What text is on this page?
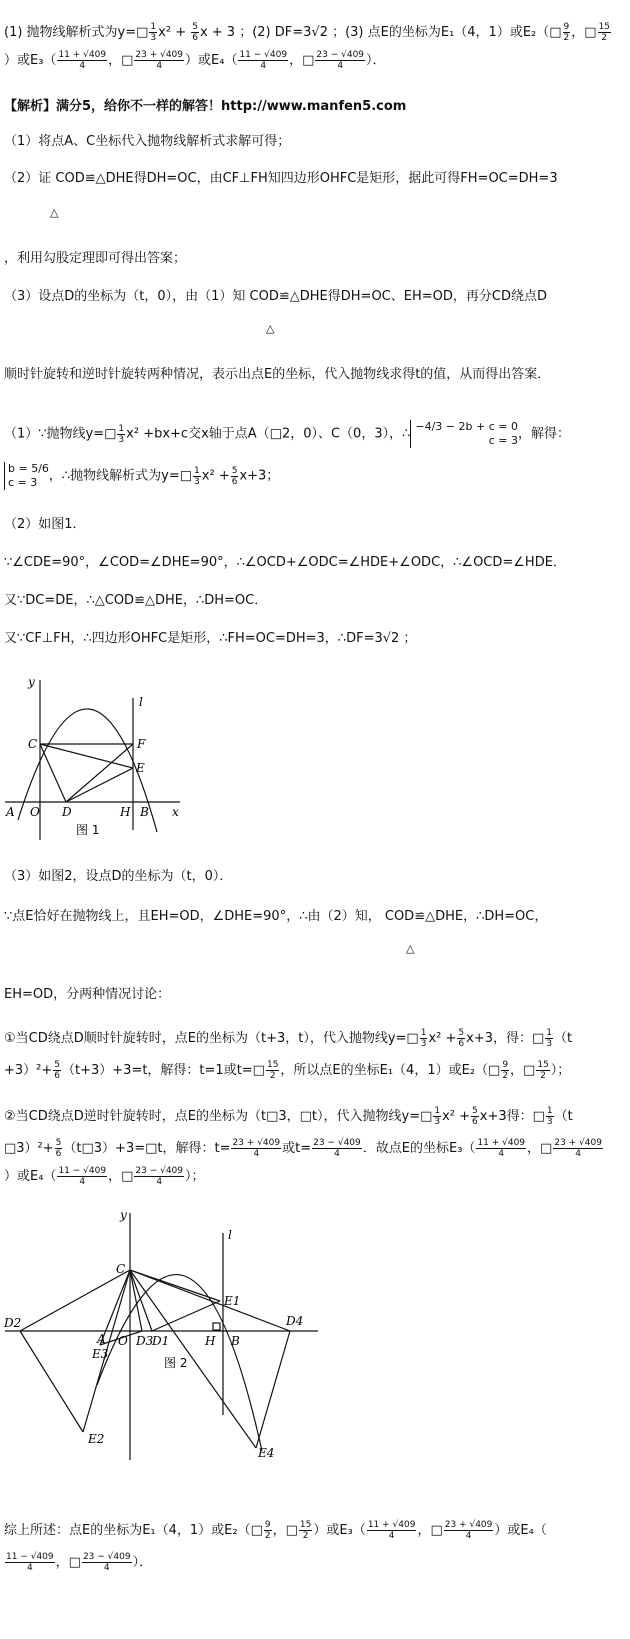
(1) 抛物线解析式为y=□ $\frac{1}{3} x^2 + \frac{5}{6}$ x + 3 ；(2) DF=3√2 ；(3) 点E的坐标为E₁（4，1）或E₂（□ $\frac{9}{2}$ ，□ $\frac{15}{2}$
）或$E_3( \frac{11 + √409}{4}$ ，□ $\frac{23 + √409}{4}$ ）或$E_4( \frac{11 - √409}{4}$ ，□ $\frac{23 - √409}{4}$ ）．
【解析】满分5，给你不一样的解答！http://www.manfen5.com
（1）将点A、C坐标代入抛物线解析式求解可得；
（2）证 COD≌△DHE得DH=OC，由CF⊥FH知四边形OHFC是矩形，据此可得FH=OC=DH=3
△
，利用勾股定理即可得出答案；
（3）设点D的坐标为（t，0），由（1）知 COD≌△DHE得DH=OC、EH=OD，再分CD绕点D
△
顺时针旋转和逆时针旋转两种情况，表示出点E的坐标，代入抛物线求得t的值，从而得出答案．
（1）∵抛物线y=□ $\frac{1}{3} x^2 +bx+c$交x轴于点A（□2，0）、C（0，3），∴ −4/3 − 2b + c = 0
c = 3 ，解得：
b = 5/6
c = 3 ，∴抛物线解析式为y=□ $\frac{1}{3} x^2 + \frac{5}{6} x+3$；
（2）如图1．
∵∠CDE=90°，∠COD=∠DHE=90°，∴∠OCD+∠ODC=∠HDE+∠ODC，∴∠OCD=∠HDE．
又∵DC=DE，∴△COD≌△DHE，∴DH=OC．
又∵CF⊥FH，∴四边形OHFC是矩形，∴FH=OC=DH=3，∴DF=3√2 ；
y
l
C	F
E
A O D	H B x
图 1
（3）如图2，设点D的坐标为（t，0）．
∵点E恰好在抛物线上，且EH=OD，∠DHE=90°，∴由（2）知， COD≌△DHE，∴DH=OC，
△
EH=OD，分两种情况讨论：
①当CD绕点D顺时针旋转时，点E的坐标为（t+3，t），代入抛物线y=□ $\frac{1}{3} x^2 + \frac{5}{6} x+3$，得：□ $\frac{1}{3} (t$
$+3)^2+ \frac{5}{6} (t+3)+3=t$，解得：t=1或t=□ $\frac{15}{2}$ ，所以点E的坐标E₁（4，1）或E₂（□ $\frac{9}{2}$ ，□ $\frac{15}{2}$ ）；
②当CD绕点D逆时针旋转时，点E的坐标为（t□3，□t），代入抛物线y=□ $\frac{1}{3} x^2 + \frac{5}{6} x+3$得：□ $\frac{1}{3} (t$
□3）²+ $\frac{5}{6}$ （t□3）+3=□t，解得：$t= \frac{23 + √409}{4}$ 或$t= \frac{23 - √409}{4}$ ．故点E的坐标$E_3( \frac{11 + √409}{4}$ ，□ $\frac{23 + √409}{4}$
）或$E_4( \frac{11 - √409}{4}$ ，□ $\frac{23 - √409}{4}$ ）；
y
l
C
E1
D2
A O D3
D1	H B
D4
E3
E2
E4
图 2
综上所述：点E的坐标为E₁（4，1）或E₂（□ $\frac{9}{2}$ ，□ $\frac{15}{2}$ ）或$E_3( \frac{11 + √409}{4}$ ，□ $\frac{23 + √409}{4}$ ）或E₄（
$\frac{11 - √409}{4}$ ，□ $\frac{23 - √409}{4}$ ）．
